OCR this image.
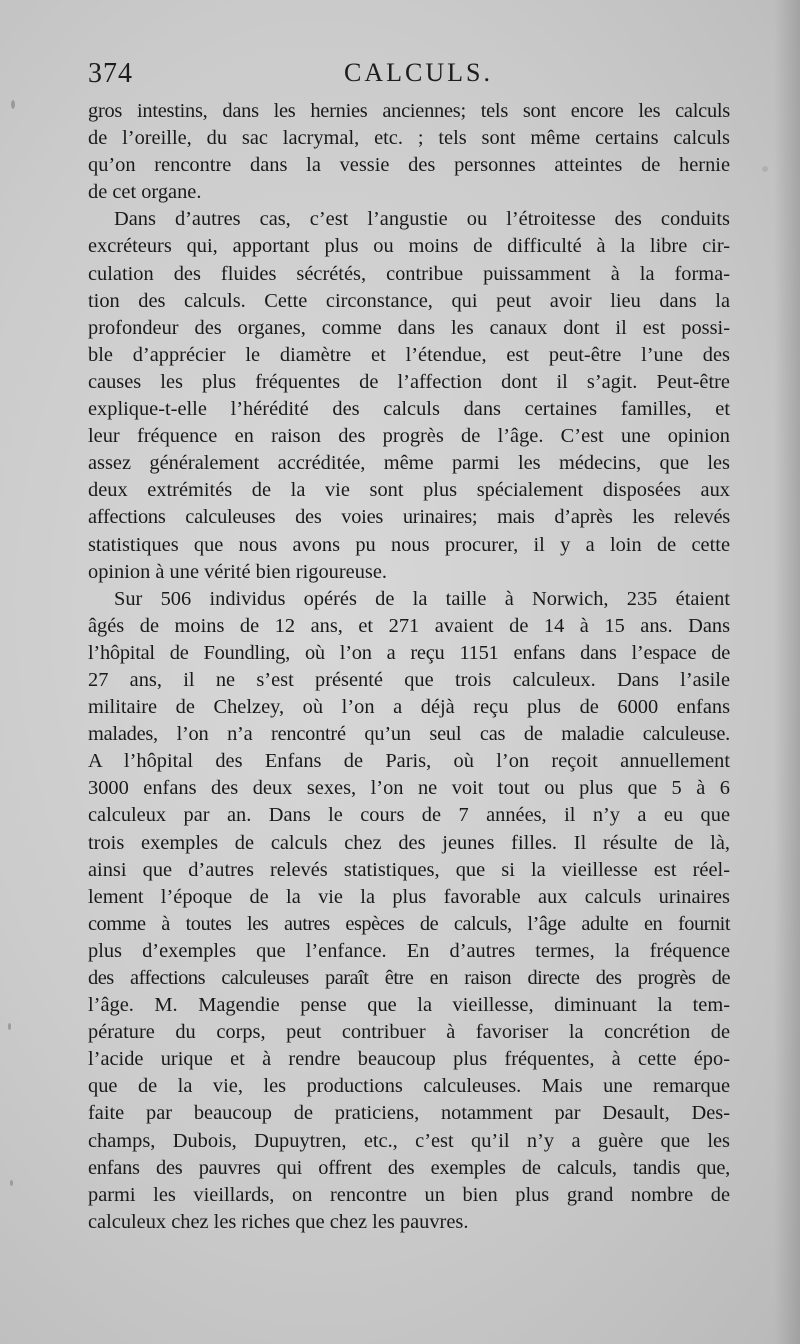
374	CALCULS.
gros intestins, dans les hernies anciennes; tels sont encore les calculs
de l’oreille, du sac lacrymal, etc. ; tels sont même certains calculs
qu’on rencontre dans la vessie des personnes atteintes de hernie
de cet organe.
Dans d’autres cas, c’est l’angustie ou l’étroitesse des conduits
excréteurs qui, apportant plus ou moins de difficulté à la libre cir-
culation des fluides sécrétés, contribue puissamment à la forma-
tion des calculs. Cette circonstance, qui peut avoir lieu dans la
profondeur des organes, comme dans les canaux dont il est possi-
ble d’apprécier le diamètre et l’étendue, est peut-être l’une des
causes les plus fréquentes de l’affection dont il s’agit. Peut-être
explique-t-elle l’hérédité des calculs dans certaines familles, et
leur fréquence en raison des progrès de l’âge. C’est une opinion
assez généralement accréditée, même parmi les médecins, que les
deux extrémités de la vie sont plus spécialement disposées aux
affections calculeuses des voies urinaires; mais d’après les relevés
statistiques que nous avons pu nous procurer, il y a loin de cette
opinion à une vérité bien rigoureuse.
Sur 506 individus opérés de la taille à Norwich, 235 étaient
âgés de moins de 12 ans, et 271 avaient de 14 à 15 ans. Dans
l’hôpital de Foundling, où l’on a reçu 1151 enfans dans l’espace de
27 ans, il ne s’est présenté que trois calculeux. Dans l’asile
militaire de Chelzey, où l’on a déjà reçu plus de 6000 enfans
malades, l’on n’a rencontré qu’un seul cas de maladie calculeuse.
A l’hôpital des Enfans de Paris, où l’on reçoit annuellement
3000 enfans des deux sexes, l’on ne voit tout ou plus que 5 à 6
calculeux par an. Dans le cours de 7 années, il n’y a eu que
trois exemples de calculs chez des jeunes filles. Il résulte de là,
ainsi que d’autres relevés statistiques, que si la vieillesse est réel-
lement l’époque de la vie la plus favorable aux calculs urinaires
comme à toutes les autres espèces de calculs, l’âge adulte en fournit
plus d’exemples que l’enfance. En d’autres termes, la fréquence
des affections calculeuses paraît être en raison directe des progrès de
l’âge. M. Magendie pense que la vieillesse, diminuant la tem-
pérature du corps, peut contribuer à favoriser la concrétion de
l’acide urique et à rendre beaucoup plus fréquentes, à cette épo-
que de la vie, les productions calculeuses. Mais une remarque
faite par beaucoup de praticiens, notamment par Desault, Des-
champs, Dubois, Dupuytren, etc., c’est qu’il n’y a guère que les
enfans des pauvres qui offrent des exemples de calculs, tandis que,
parmi les vieillards, on rencontre un bien plus grand nombre de
calculeux chez les riches que chez les pauvres.
